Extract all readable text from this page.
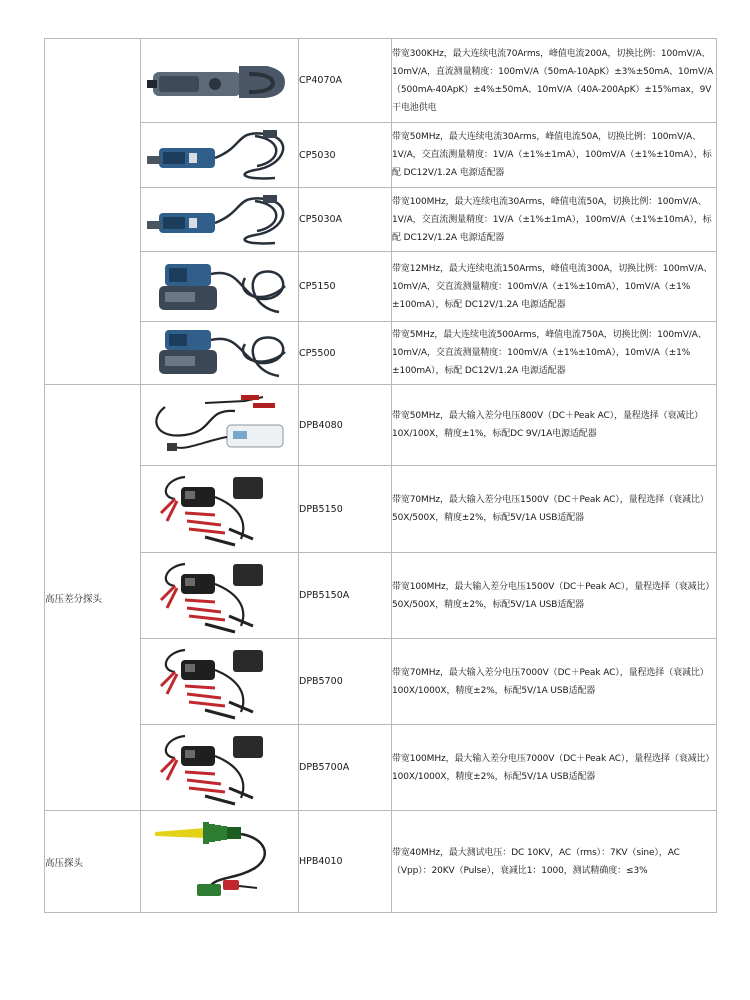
	CP4070A	带宽300KHz，最大连续电流70Arms，峰值电流200A，切换比例：100mV/A、10mV/A，直流测量精度：100mV/A（50mA-10ApK）±3%±50mA、10mV/A（500mA-40ApK）±4%±50mA、10mV/A（40A-200ApK）±15%max，9V干电池供电

	CP5030	带宽50MHz，最大连续电流30Arms，峰值电流50A，切换比例：100mV/A、1V/A，交直流测量精度：1V/A（±1%±1mA），100mV/A（±1%±10mA），标配 DC12V/1.2A 电源适配器

	CP5030A	带宽100MHz，最大连续电流30Arms，峰值电流50A，切换比例：100mV/A、1V/A，交直流测量精度：1V/A（±1%±1mA），100mV/A（±1%±10mA），标配 DC12V/1.2A 电源适配器

	CP5150	带宽12MHz，最大连续电流150Arms，峰值电流300A，切换比例：100mV/A、10mV/A，交直流测量精度：100mV/A（±1%±10mA），10mV/A（±1%±100mA），标配 DC12V/1.2A 电源适配器

	CP5500	带宽5MHz，最大连续电流500Arms，峰值电流750A，切换比例：100mV/A、10mV/A，交直流测量精度：100mV/A（±1%±10mA），10mV/A（±1%±100mA），标配 DC12V/1.2A 电源适配器
高压差分探头		DPB4080	带宽50MHz，最大输入差分电压800V（DC＋Peak AC），量程选择（衰减比）10X/100X，精度±1%，标配DC 9V/1A电源适配器

	DPB5150	带宽70MHz，最大输入差分电压1500V（DC＋Peak AC），量程选择（衰减比）50X/500X，精度±2%，标配5V/1A USB适配器

	DPB5150A	带宽100MHz，最大输入差分电压1500V（DC＋Peak AC），量程选择（衰减比）50X/500X，精度±2%，标配5V/1A USB适配器

	DPB5700	带宽70MHz，最大输入差分电压7000V（DC＋Peak AC），量程选择（衰减比）100X/1000X，精度±2%，标配5V/1A USB适配器

	DPB5700A	带宽100MHz，最大输入差分电压7000V（DC＋Peak AC），量程选择（衰减比）100X/1000X，精度±2%，标配5V/1A USB适配器
高压探头		HPB4010	带宽40MHz，最大测试电压：DC 10KV，AC（rms）：7KV（sine），AC（Vpp）：20KV（Pulse），衰减比1：1000，测试精确度：≤3%
